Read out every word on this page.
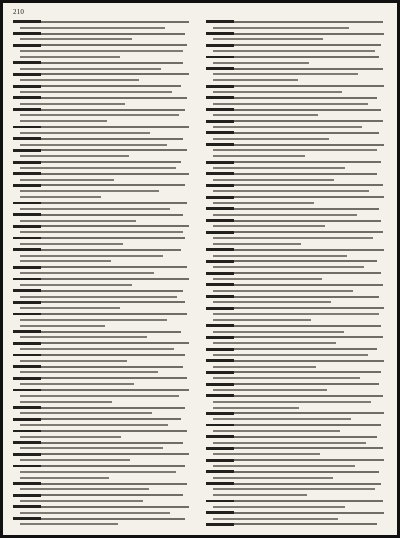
210
